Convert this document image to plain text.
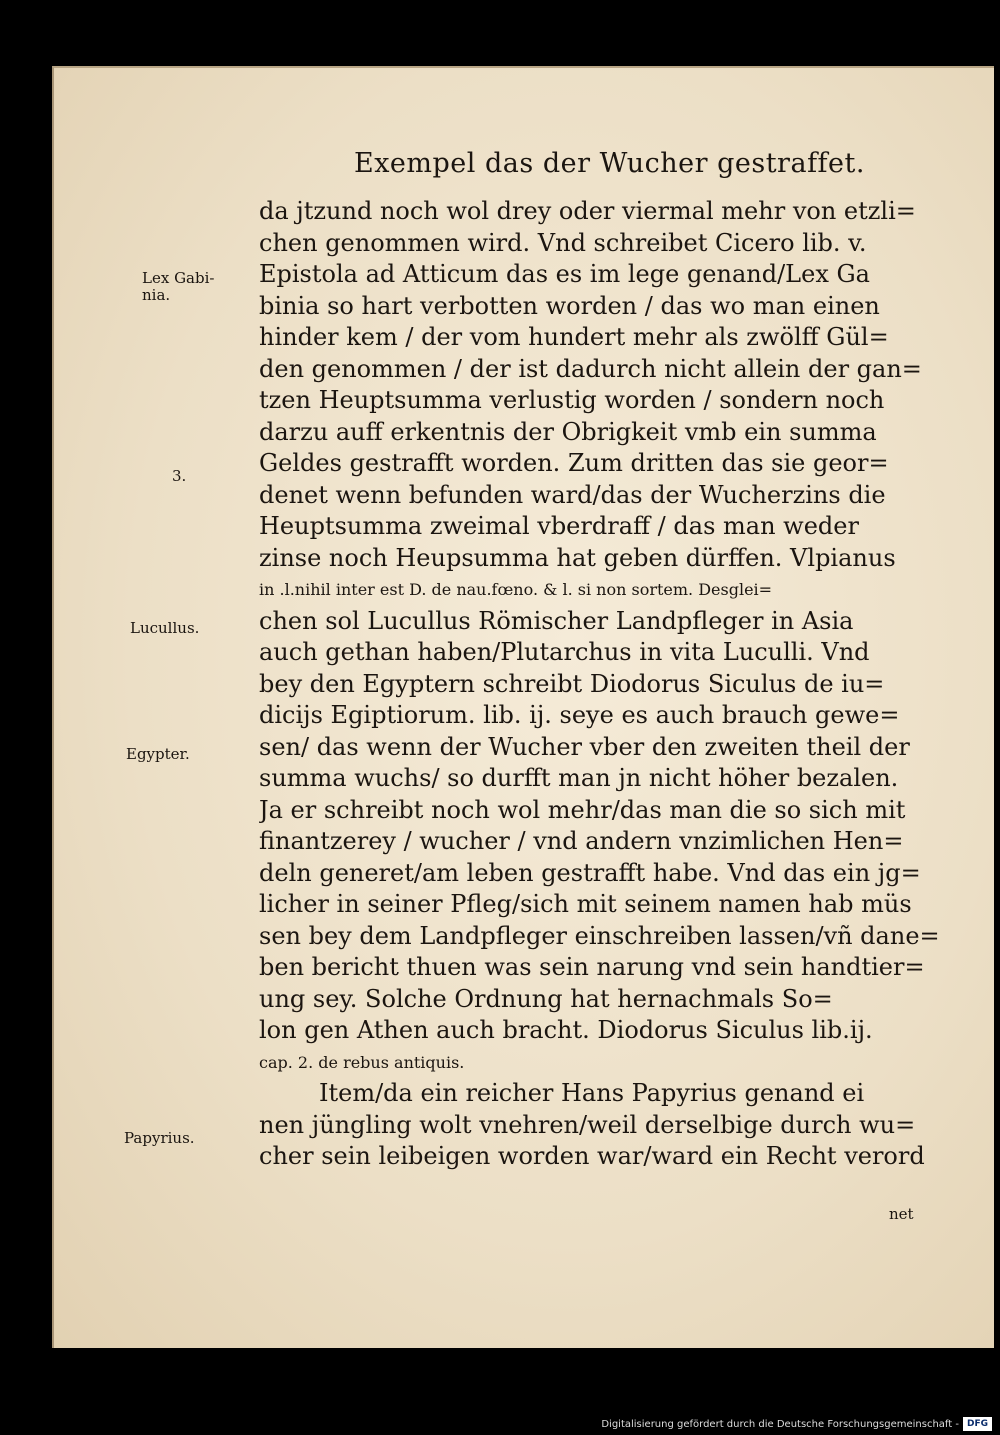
Exempel das der Wucher gestraffet.
da jtzund noch wol drey oder viermal mehr von etzli=
chen genommen wird. Vnd schreibet Cicero lib. v.
Epistola ad Atticum das es im lege genand/Lex Ga
binia so hart verbotten worden / das wo man einen
hinder kem / der vom hundert mehr als zwölff Gül=
den genommen / der ist dadurch nicht allein der gan=
tzen Heuptsumma verlustig worden / sondern noch
darzu auff erkentnis der Obrigkeit vmb ein summa
Geldes gestrafft worden. Zum dritten das sie geor=
denet wenn befunden ward/das der Wucherzins die
Heuptsumma zweimal vberdraff / das man weder
zinse noch Heupsumma hat geben dürffen. Vlpianus
in .l.nihil inter est D. de nau.fœno. & l. si non sortem. Desglei=
chen sol Lucullus Römischer Landpfleger in Asia
auch gethan haben/Plutarchus in vita Luculli. Vnd
bey den Egyptern schreibt Diodorus Siculus de iu=
dicijs Egiptiorum. lib. ij. seye es auch brauch gewe=
sen/ das wenn der Wucher vber den zweiten theil der
summa wuchs/ so durfft man jn nicht höher bezalen.
Ja er schreibt noch wol mehr/das man die so sich mit
finantzerey / wucher / vnd andern vnzimlichen Hen=
deln generet/am leben gestrafft habe. Vnd das ein jg=
licher in seiner Pfleg/sich mit seinem namen hab müs
sen bey dem Landpfleger einschreiben lassen/vñ dane=
ben bericht thuen was sein narung vnd sein handtier=
ung sey. Solche Ordnung hat hernachmals So=
lon gen Athen auch bracht. Diodorus Siculus lib.ij.
cap. 2. de rebus antiquis.
Item/da ein reicher Hans Papyrius genand ei
nen jüngling wolt vnehren/weil derselbige durch wu=
cher sein leibeigen worden war/ward ein Recht verord
Lex Gabi-
nia.
3.
Lucullus.
Egypter.
Papyrius.
net
Digitalisierung gefördert durch die Deutsche Forschungsgemeinschaft - DFG
